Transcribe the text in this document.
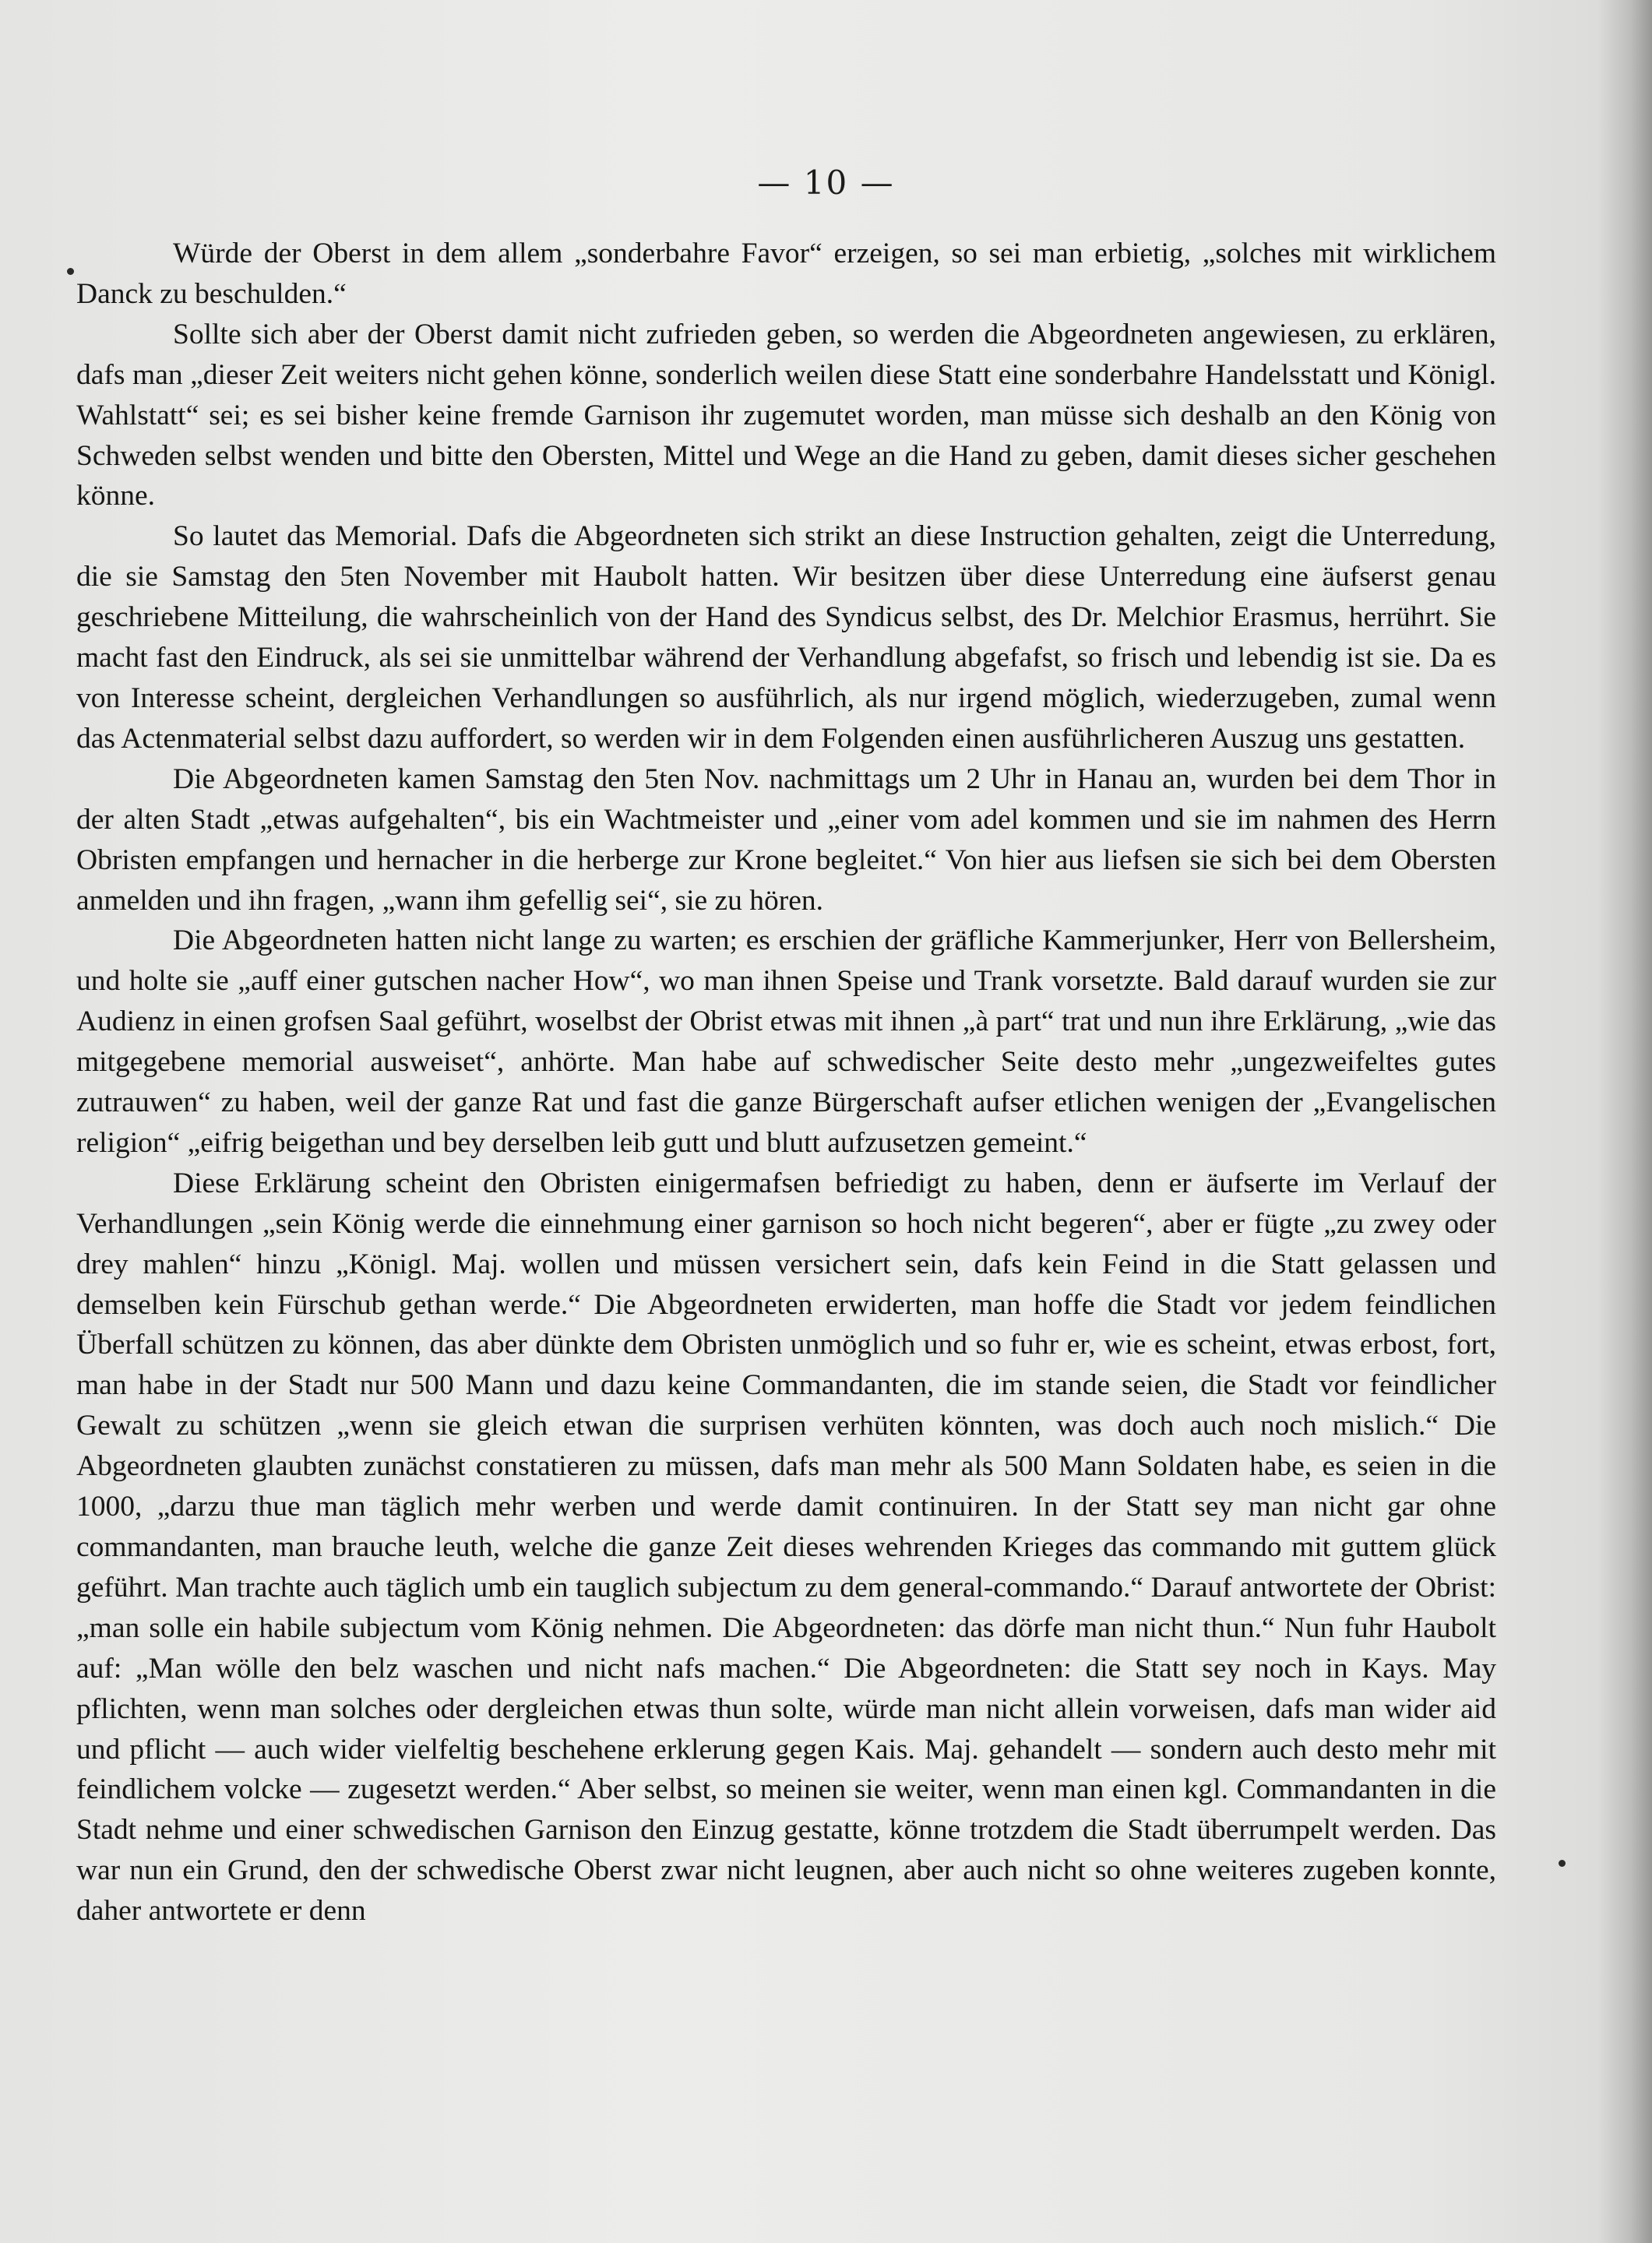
— 10 —

Würde der Oberst in dem allem „sonderbahre Favor“ erzeigen, so sei man erbietig, „solches mit wirklichem Danck zu beschulden.“

Sollte sich aber der Oberst damit nicht zufrieden geben, so werden die Abgeordneten angewiesen, zu erklären, dafs man „dieser Zeit weiters nicht gehen könne, sonderlich weilen diese Statt eine sonderbahre Handelsstatt und Königl. Wahlstatt“ sei; es sei bisher keine fremde Garnison ihr zugemutet worden, man müsse sich deshalb an den König von Schweden selbst wenden und bitte den Obersten, Mittel und Wege an die Hand zu geben, damit dieses sicher geschehen könne.

So lautet das Memorial. Dafs die Abgeordneten sich strikt an diese Instruction gehalten, zeigt die Unterredung, die sie Samstag den 5ten November mit Haubolt hatten. Wir besitzen über diese Unterredung eine äufserst genau geschriebene Mitteilung, die wahrscheinlich von der Hand des Syndicus selbst, des Dr. Melchior Erasmus, herrührt. Sie macht fast den Eindruck, als sei sie unmittelbar während der Verhandlung abgefafst, so frisch und lebendig ist sie. Da es von Interesse scheint, dergleichen Verhandlungen so ausführlich, als nur irgend möglich, wiederzugeben, zumal wenn das Actenmaterial selbst dazu auffordert, so werden wir in dem Folgenden einen ausführlicheren Auszug uns gestatten.

Die Abgeordneten kamen Samstag den 5ten Nov. nachmittags um 2 Uhr in Hanau an, wurden bei dem Thor in der alten Stadt „etwas aufgehalten“, bis ein Wachtmeister und „einer vom adel kommen und sie im nahmen des Herrn Obristen empfangen und hernacher in die herberge zur Krone begleitet.“ Von hier aus liefsen sie sich bei dem Obersten anmelden und ihn fragen, „wann ihm gefellig sei“, sie zu hören.

Die Abgeordneten hatten nicht lange zu warten; es erschien der gräfliche Kammerjunker, Herr von Bellersheim, und holte sie „auff einer gutschen nacher How“, wo man ihnen Speise und Trank vorsetzte. Bald darauf wurden sie zur Audienz in einen grofsen Saal geführt, woselbst der Obrist etwas mit ihnen „à part“ trat und nun ihre Erklärung, „wie das mitgegebene memorial ausweiset“, anhörte. Man habe auf schwedischer Seite desto mehr „ungezweifeltes gutes zutrauwen“ zu haben, weil der ganze Rat und fast die ganze Bürgerschaft aufser etlichen wenigen der „Evangelischen religion“ „eifrig beigethan und bey derselben leib gutt und blutt aufzusetzen gemeint.“

Diese Erklärung scheint den Obristen einigermafsen befriedigt zu haben, denn er äufserte im Verlauf der Verhandlungen „sein König werde die einnehmung einer garnison so hoch nicht begeren“, aber er fügte „zu zwey oder drey mahlen“ hinzu „Königl. Maj. wollen und müssen versichert sein, dafs kein Feind in die Statt gelassen und demselben kein Fürschub gethan werde.“ Die Abgeordneten erwiderten, man hoffe die Stadt vor jedem feindlichen Überfall schützen zu können, das aber dünkte dem Obristen unmöglich und so fuhr er, wie es scheint, etwas erbost, fort, man habe in der Stadt nur 500 Mann und dazu keine Commandanten, die im stande seien, die Stadt vor feindlicher Gewalt zu schützen „wenn sie gleich etwan die surprisen verhüten könnten, was doch auch noch mislich.“ Die Abgeordneten glaubten zunächst constatieren zu müssen, dafs man mehr als 500 Mann Soldaten habe, es seien in die 1000, „darzu thue man täglich mehr werben und werde damit continuiren. In der Statt sey man nicht gar ohne commandanten, man brauche leuth, welche die ganze Zeit dieses wehrenden Krieges das commando mit guttem glück geführt. Man trachte auch täglich umb ein tauglich subjectum zu dem general-commando.“ Darauf antwortete der Obrist: „man solle ein habile subjectum vom König nehmen. Die Abgeordneten: das dörfe man nicht thun.“ Nun fuhr Haubolt auf: „Man wölle den belz waschen und nicht nafs machen.“ Die Abgeordneten: die Statt sey noch in Kays. May pflichten, wenn man solches oder dergleichen etwas thun solte, würde man nicht allein vorweisen, dafs man wider aid und pflicht — auch wider vielfeltig beschehene erklerung gegen Kais. Maj. gehandelt — sondern auch desto mehr mit feindlichem volcke — zugesetzt werden.“ Aber selbst, so meinen sie weiter, wenn man einen kgl. Commandanten in die Stadt nehme und einer schwedischen Garnison den Einzug gestatte, könne trotzdem die Stadt überrumpelt werden. Das war nun ein Grund, den der schwedische Oberst zwar nicht leugnen, aber auch nicht so ohne weiteres zugeben konnte, daher antwortete er denn
